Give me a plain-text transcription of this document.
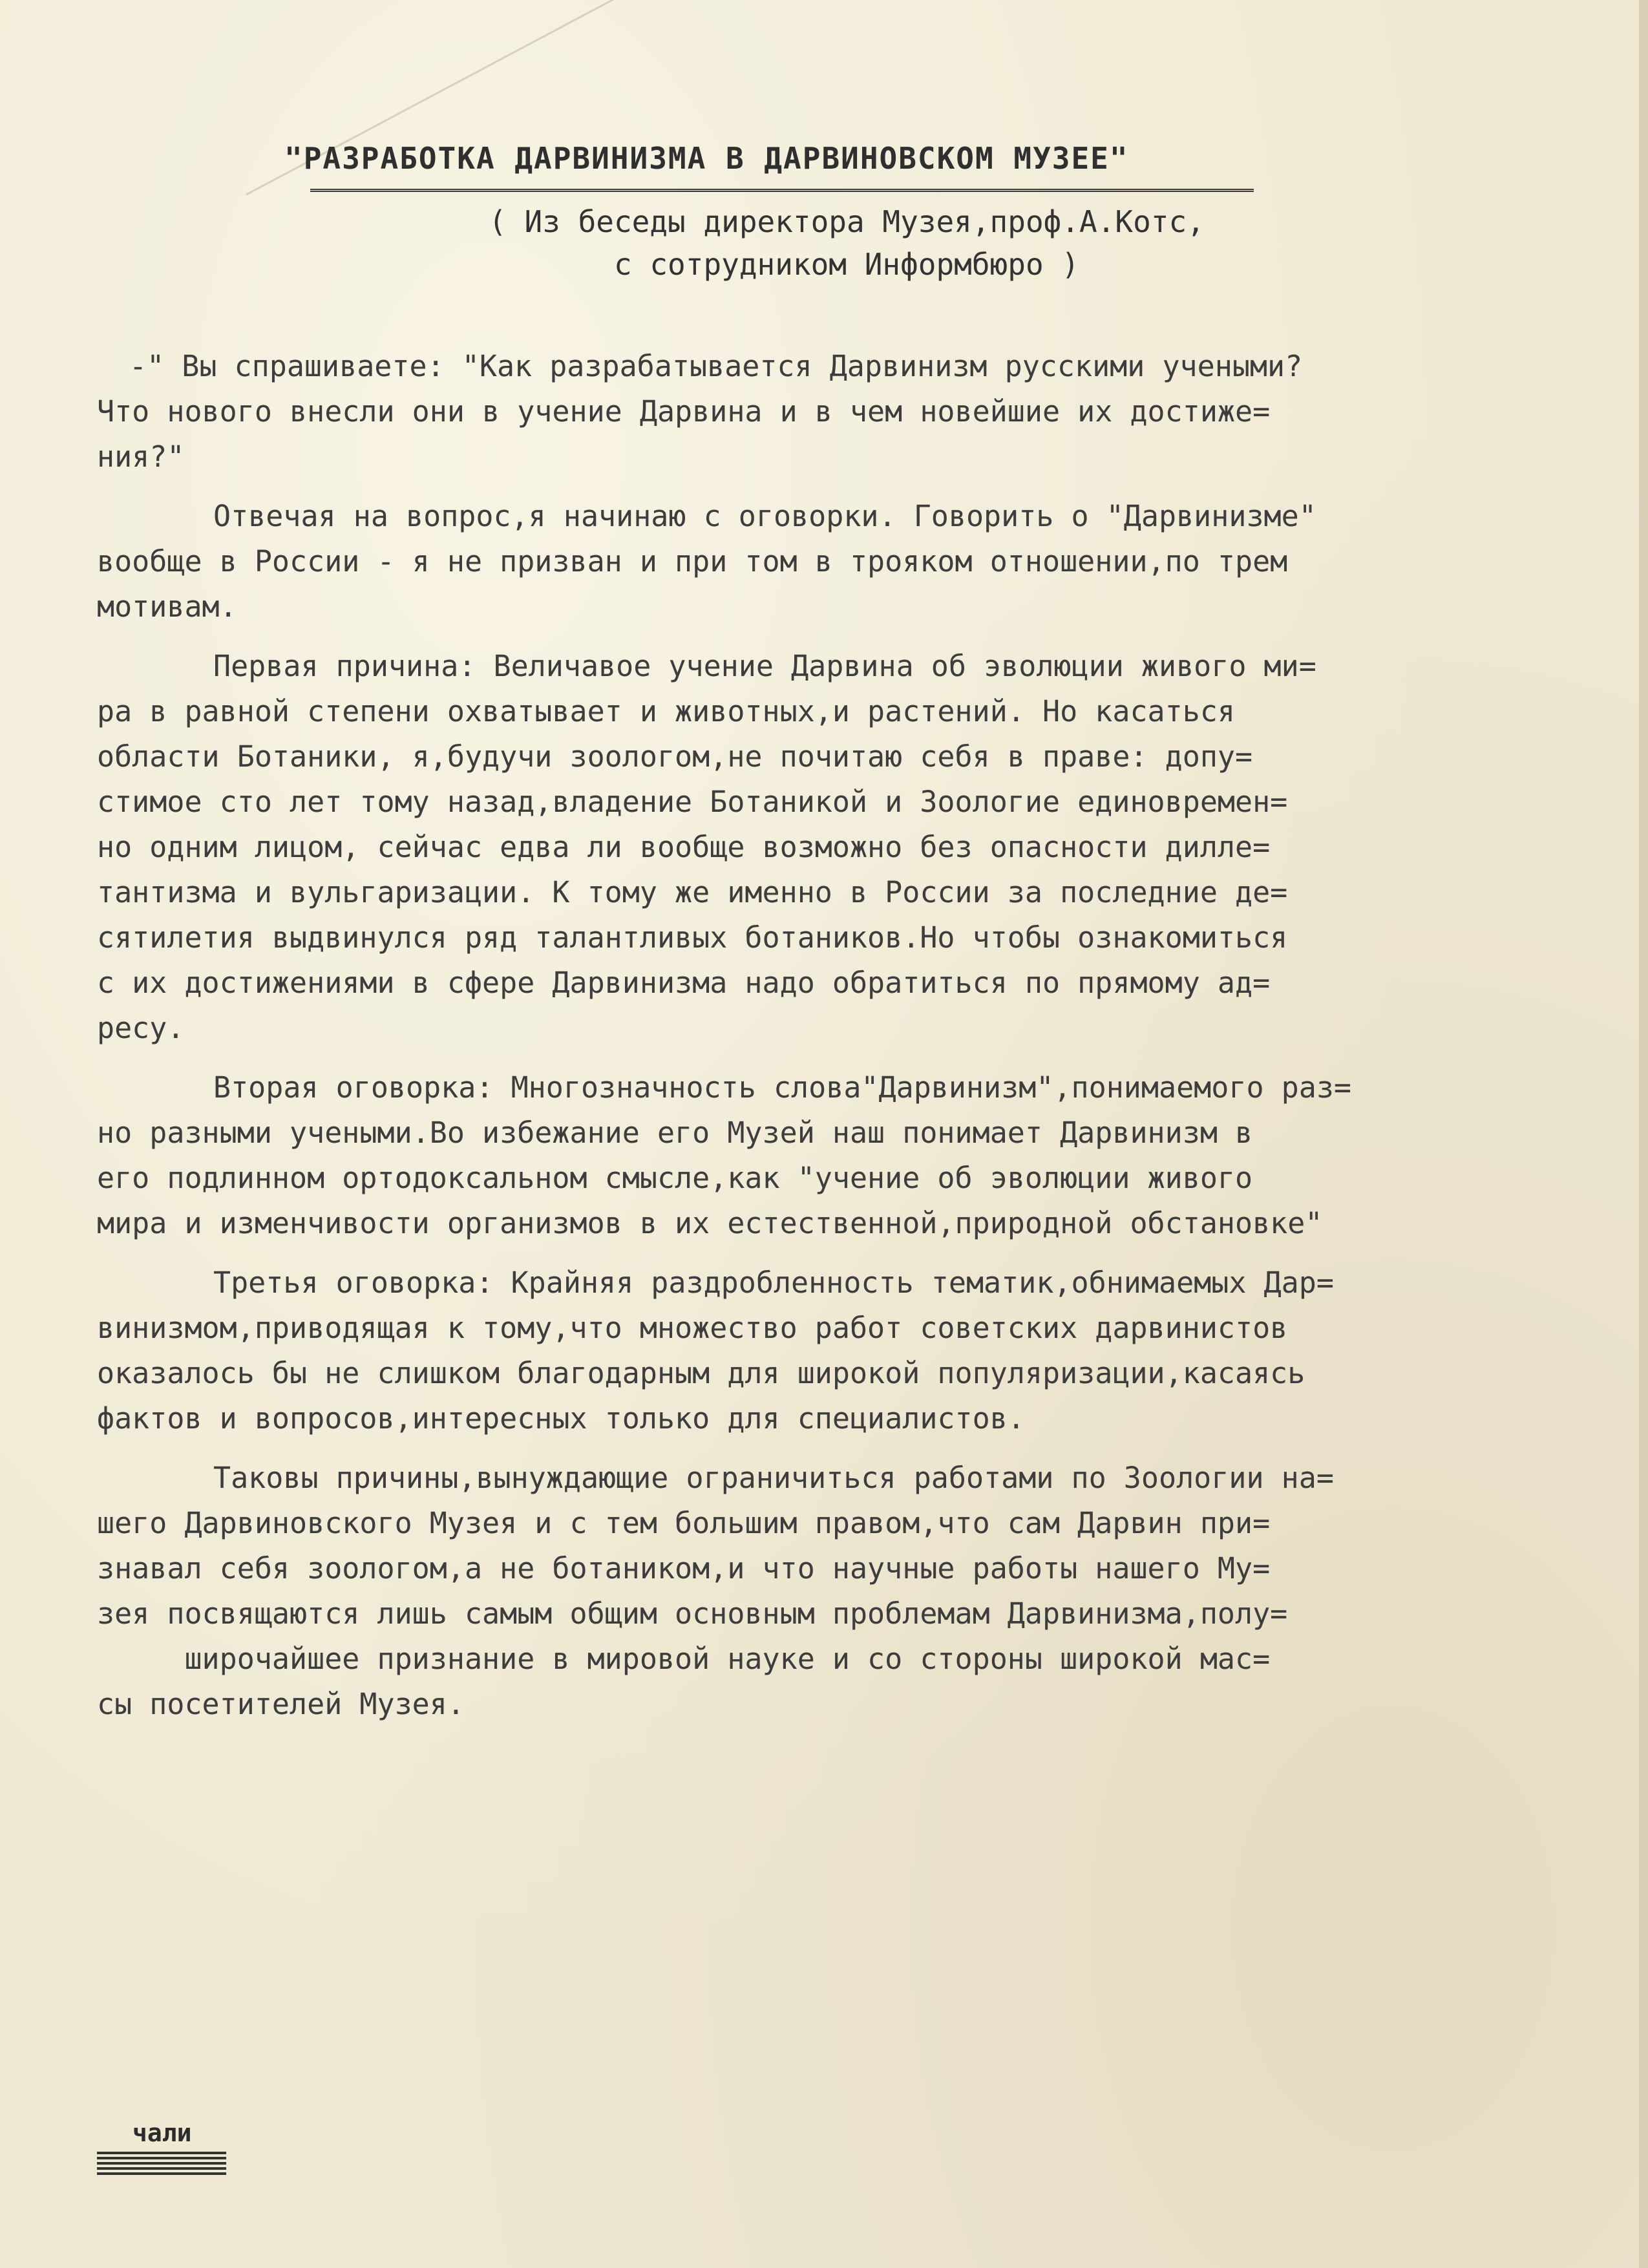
"РАЗРАБОТКА ДАРВИНИЗМА В ДАРВИНОВСКОМ МУЗЕЕ"
( Из беседы директора Музея,проф.А.Котс,
с сотрудником Информбюро )
-" Вы спрашиваете: "Как разрабатывается Дарвинизм русскими учеными?
Что нового внесли они в учение Дарвина и в чем новейшие их достиже=
ния?"
Отвечая на вопрос,я начинаю с оговорки. Говорить о "Дарвинизме"
вообще в России - я не призван и при том в трояком отношении,по трем
мотивам.
Первая причина: Величавое учение Дарвина об эволюции живого ми=
ра в равной степени охватывает и животных,и растений. Но касаться
области Ботаники, я,будучи зоологом,не почитаю себя в праве: допу=
стимое сто лет тому назад,владение Ботаникой и Зоологие единовремен=
но одним лицом, сейчас едва ли вообще возможно без опасности дилле=
тантизма и вульгаризации. К тому же именно в России за последние де=
сятилетия выдвинулся ряд талантливых ботаников.Но чтобы ознакомиться
с их достижениями в сфере Дарвинизма надо обратиться по прямому ад=
ресу.
Вторая оговорка: Многозначность слова"Дарвинизм",понимаемого раз=
но разными учеными.Во избежание его Музей наш понимает Дарвинизм в
его подлинном ортодоксальном смысле,как "учение об эволюции живого
мира и изменчивости организмов в их естественной,природной обстановке"
Третья оговорка: Крайняя раздробленность тематик,обнимаемых Дар=
винизмом,приводящая к тому,что множество работ советских дарвинистов
оказалось бы не слишком благодарным для широкой популяризации,касаясь
фактов и вопросов,интересных только для специалистов.
Таковы причины,вынуждающие ограничиться работами по Зоологии на=
шего Дарвиновского Музея и с тем большим правом,что сам Дарвин при=
знавал себя зоологом,а не ботаником,и что научные работы нашего Му=
зея посвящаются лишь самым общим основным проблемам Дарвинизма,полу=
широчайшее признание в мировой науке и со стороны широкой мас=
сы посетителей Музея.
чали
